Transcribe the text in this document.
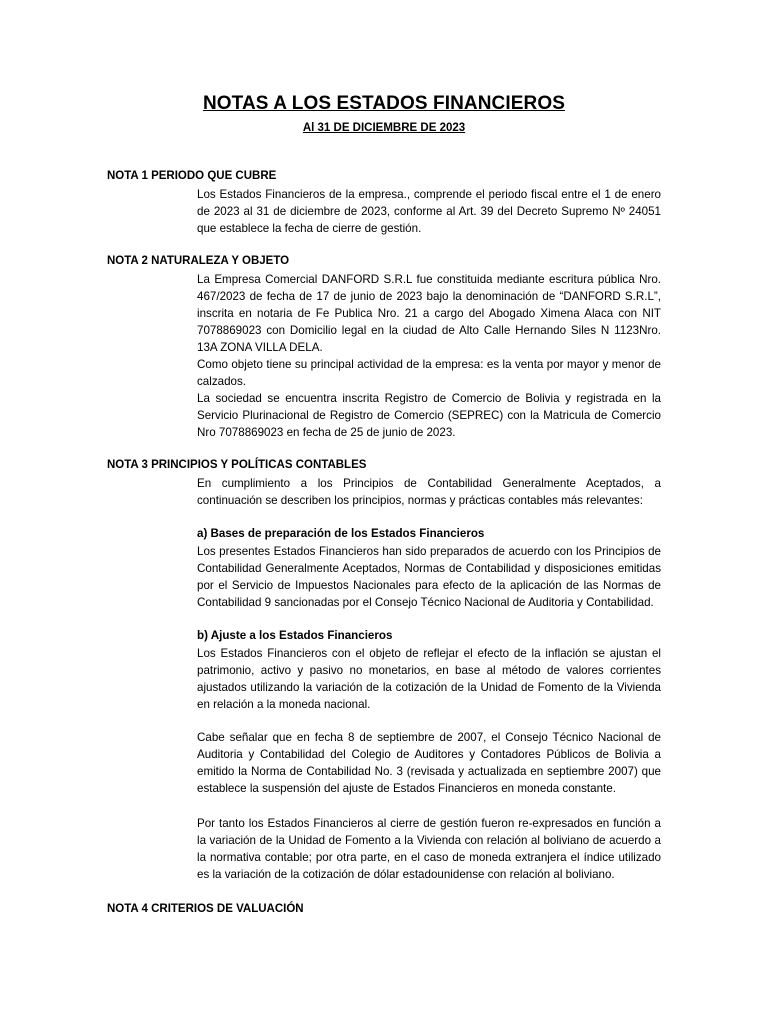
NOTAS A LOS ESTADOS FINANCIEROS
Al 31 DE DICIEMBRE DE 2023
NOTA 1 PERIODO QUE CUBRE

Los Estados Financieros de la empresa., comprende el periodo fiscal entre el 1 de enero de 2023 al 31 de diciembre de 2023, conforme al Art. 39 del Decreto Supremo Nº 24051 que establece la fecha de cierre de gestión.

NOTA 2 NATURALEZA Y OBJETO

La Empresa Comercial DANFORD S.R.L fue constituida mediante escritura pública Nro. 467/2023 de fecha de 17 de junio de 2023 bajo la denominación de “DANFORD S.R.L”, inscrita en notaria de Fe Publica Nro. 21 a cargo del Abogado Ximena Alaca con NIT 7078869023 con Domicilio legal en la ciudad de Alto Calle Hernando Siles N 1123Nro. 13A ZONA VILLA DELA.

Como objeto tiene su principal actividad de la empresa: es la venta por mayor y menor de calzados.

La sociedad se encuentra inscrita Registro de Comercio de Bolivia y registrada en la Servicio Plurinacional de Registro de Comercio (SEPREC) con la Matricula de Comercio Nro 7078869023 en fecha de 25 de junio de 2023.

NOTA 3 PRINCIPIOS Y POLÍTICAS CONTABLES

En cumplimiento a los Principios de Contabilidad Generalmente Aceptados, a continuación se describen los principios, normas y prácticas contables más relevantes:

a) Bases de preparación de los Estados Financieros

Los presentes Estados Financieros han sido preparados de acuerdo con los Principios de Contabilidad Generalmente Aceptados, Normas de Contabilidad y disposiciones emitidas por el Servicio de Impuestos Nacionales para efecto de la aplicación de las Normas de Contabilidad 9 sancionadas por el Consejo Técnico Nacional de Auditoria y Contabilidad.

b) Ajuste a los Estados Financieros

Los Estados Financieros con el objeto de reflejar el efecto de la inflación se ajustan el patrimonio, activo y pasivo no monetarios, en base al método de valores corrientes ajustados utilizando la variación de la cotización de la Unidad de Fomento de la Vivienda en relación a la moneda nacional.

Cabe señalar que en fecha 8 de septiembre de 2007, el Consejo Técnico Nacional de Auditoria y Contabilidad del Colegio de Auditores y Contadores Públicos de Bolivia a emitido la Norma de Contabilidad No. 3 (revisada y actualizada en septiembre 2007) que establece la suspensión del ajuste de Estados Financieros en moneda constante.

Por tanto los Estados Financieros al cierre de gestión fueron re-expresados en función a la variación de la Unidad de Fomento a la Vivienda con relación al boliviano de acuerdo a la normativa contable; por otra parte, en el caso de moneda extranjera el índice utilizado es la variación de la cotización de dólar estadounidense con relación al boliviano.

NOTA 4 CRITERIOS DE VALUACIÓN
